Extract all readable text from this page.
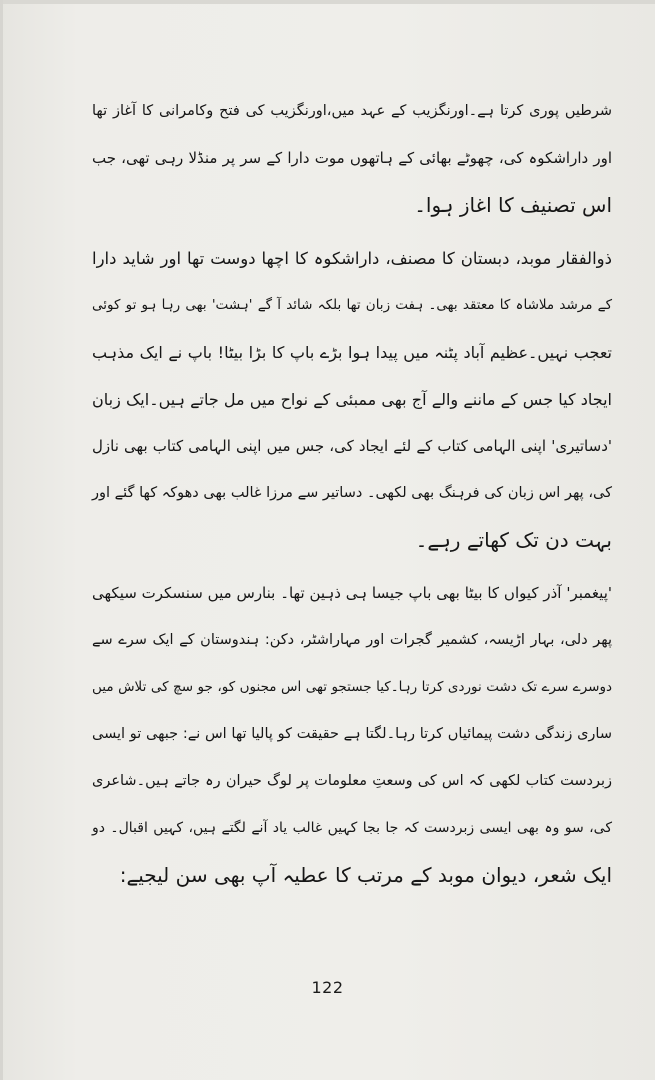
شرطیں پوری کرتا ہے۔اورنگزیب کے عہد میں،اورنگزیب کی فتح وکامرانی کا آغاز تھا
اور داراشکوہ کی، چھوٹے بھائی کے ہاتھوں موت دارا کے سر پر منڈلا رہی تھی، جب
اس تصنیف کا اغاز ہوا۔

ذوالفقار موبد، دبستان کا مصنف، داراشکوہ کا اچھا دوست تھا اور شاید دارا
کے مرشد ملاشاہ کا معتقد بھی۔ ہفت زبان تھا بلکہ شائد آ گے 'ہشت' بھی رہا ہو تو کوئی
تعجب نہیں۔عظیم آباد پٹنہ میں پیدا ہوا بڑے باپ کا بڑا بیٹا! باپ نے ایک مذہب
ایجاد کیا جس کے ماننے والے آج بھی ممبئی کے نواح میں مل جاتے ہیں۔ایک زبان
'دساتیری' اپنی الہامی کتاب کے لئے ایجاد کی، جس میں اپنی الہامی کتاب بھی نازل
کی، پھر اس زبان کی فرہنگ بھی لکھی۔ دساتیر سے مرزا غالب بھی دھوکہ کھا گئے اور
بہت دن تک کھاتے رہے۔

'پیغمبر' آذر کیواں کا بیٹا بھی باپ جیسا ہی ذہین تھا۔ بنارس میں سنسکرت سیکھی
پھر دلی، بہار اڑیسہ، کشمیر گجرات اور مہاراشٹر، دکن: ہندوستان کے ایک سرے سے
دوسرے سرے تک دشت نوردی کرتا رہا۔کیا جستجو تھی اس مجنوں کو، جو سچ کی تلاش میں
ساری زندگی دشت پیمائیاں کرتا رہا۔لگتا ہے حقیقت کو پالیا تھا اس نے: جبھی تو ایسی
زبردست کتاب لکھی کہ اس کی وسعتِ معلومات پر لوگ حیران رہ جاتے ہیں۔شاعری
کی، سو وہ بھی ایسی زبردست کہ جا بجا کہیں غالب یاد آنے لگتے ہیں، کہیں اقبال۔ دو
ایک شعر، دیوان موبد کے مرتب کا عطیہ آپ بھی سن لیجیے:

122
